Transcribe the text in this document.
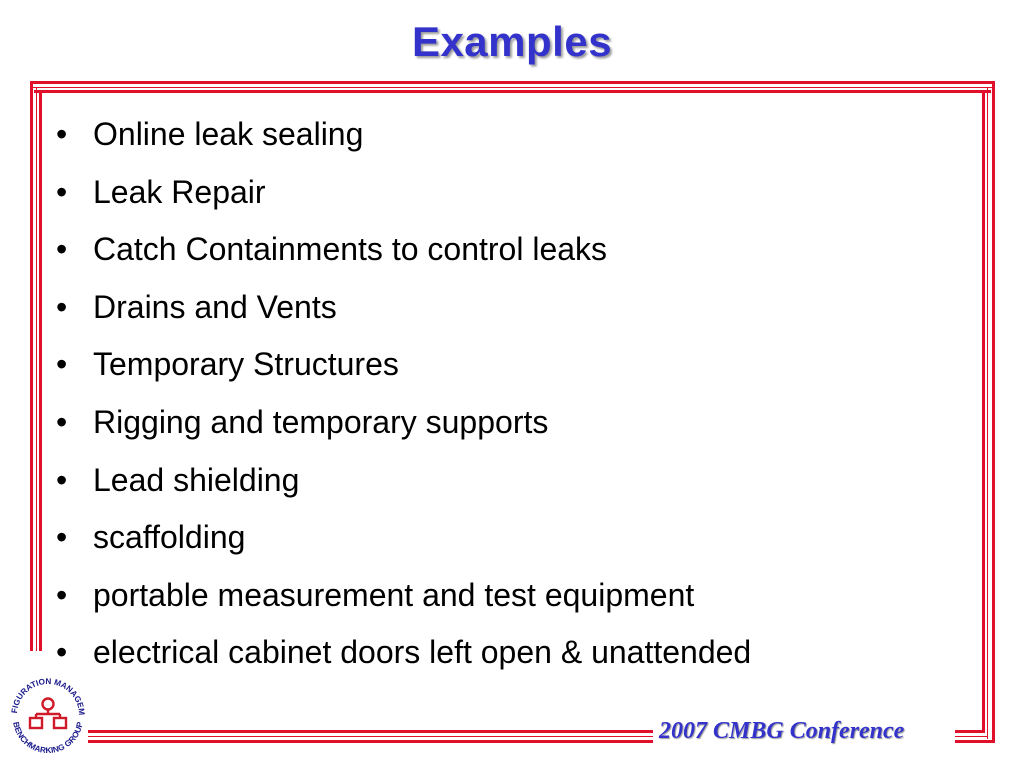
Examples
• Online leak sealing
• Leak Repair
• Catch Containments to control leaks
• Drains and Vents
• Temporary Structures
• Rigging and temporary supports
• Lead shielding
• scaffolding
• portable measurement and test equipment
• electrical cabinet doors left open & unattended
FIGURATION MANAGEM
BENCHMARKING GROUP	2007 CMBG Conference
